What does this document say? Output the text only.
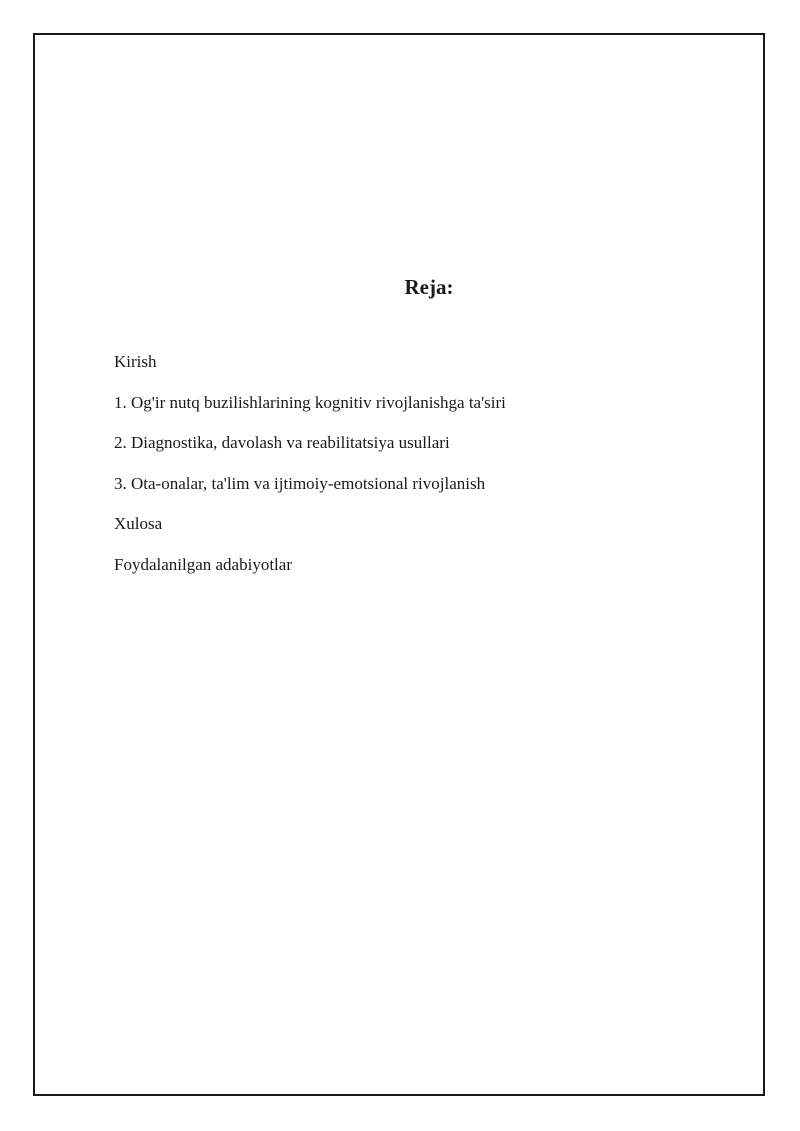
Reja:
Kirish
1. Og'ir nutq buzilishlarining kognitiv rivojlanishga ta'siri
2. Diagnostika, davolash va reabilitatsiya usullari
3. Ota-onalar, ta'lim va ijtimoiy-emotsional rivojlanish
Xulosa
Foydalanilgan adabiyotlar
